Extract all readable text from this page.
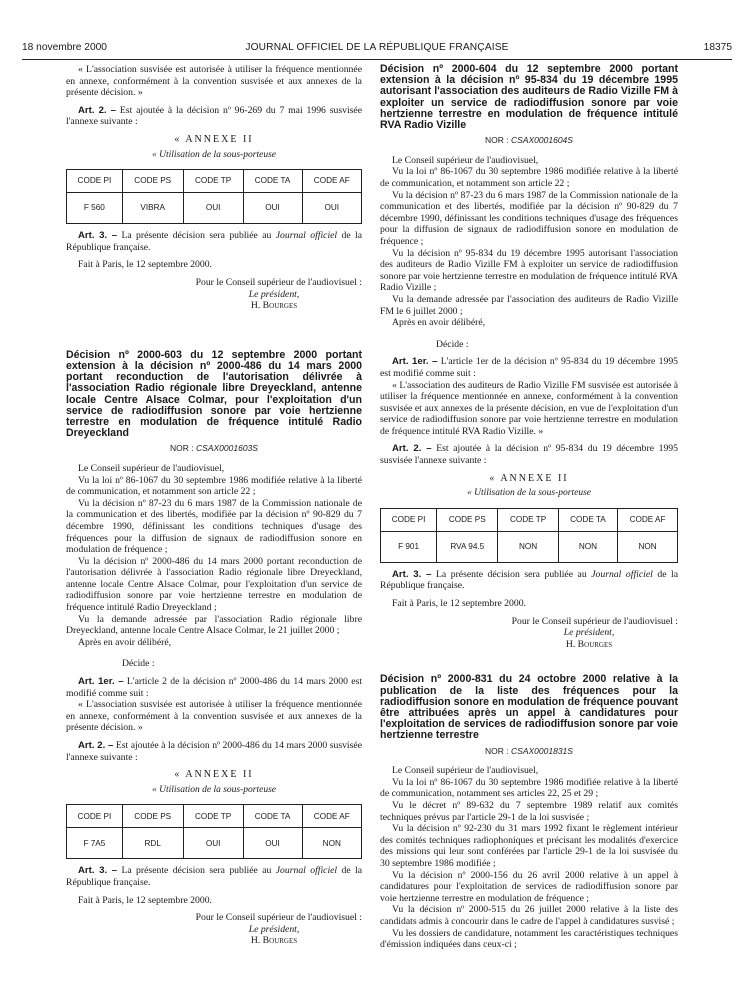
18 novembre 2000	JOURNAL OFFICIEL DE LA RÉPUBLIQUE FRANÇAISE	18375

« L'association susvisée est autorisée à utiliser la fréquence mentionnée en annexe, conformément à la convention susvisée et aux annexes de la présente décision. »

Art. 2. – Est ajoutée à la décision nº 96-269 du 7 mai 1996 susvisée l'annexe suivante :

« ANNEXE II
« Utilisation de la sous-porteuse
CODE PI	CODE PS	CODE TP	CODE TA	CODE AF
F 560	VIBRA	OUI	OUI	OUI

Art. 3. – La présente décision sera publiée au Journal officiel de la République française.

Fait à Paris, le 12 septembre 2000.

Pour le Conseil supérieur de l'audiovisuel :

Le président,

H. Bourges

Décision nº 2000-603 du 12 septembre 2000 portant extension à la décision nº 2000-486 du 14 mars 2000 portant reconduction de l'autorisation délivrée à l'association Radio régionale libre Dreyeckland, antenne locale Centre Alsace Colmar, pour l'exploitation d'un service de radiodiffusion sonore par voie hertzienne terrestre en modulation de fréquence intitulé Radio Dreyeckland
NOR : CSAX0001603S

Le Conseil supérieur de l'audiovisuel,

Vu la loi nº 86-1067 du 30 septembre 1986 modifiée relative à la liberté de communication, et notamment son article 22 ;

Vu la décision nº 87-23 du 6 mars 1987 de la Commission nationale de la communication et des libertés, modifiée par la décision nº 90-829 du 7 décembre 1990, définissant les conditions techniques d'usage des fréquences pour la diffusion de signaux de radiodiffusion sonore en modulation de fréquence ;

Vu la décision nº 2000-486 du 14 mars 2000 portant reconduction de l'autorisation délivrée à l'association Radio régionale libre Dreyeckland, antenne locale Centre Alsace Colmar, pour l'exploitation d'un service de radiodiffusion sonore par voie hertzienne terrestre en modulation de fréquence intitulé Radio Dreyeckland ;

Vu la demande adressée par l'association Radio régionale libre Dreyeckland, antenne locale Centre Alsace Colmar, le 21 juillet 2000 ;

Après en avoir délibéré,

Décide :

Art. 1er. – L'article 2 de la décision nº 2000-486 du 14 mars 2000 est modifié comme suit :

« L'association susvisée est autorisée à utiliser la fréquence mentionnée en annexe, conformément à la convention susvisée et aux annexes de la présente décision. »

Art. 2. – Est ajoutée à la décision nº 2000-486 du 14 mars 2000 susvisée l'annexe suivante :

« ANNEXE II
« Utilisation de la sous-porteuse
CODE PI	CODE PS	CODE TP	CODE TA	CODE AF
F 7A5	RDL	OUI	OUI	NON

Art. 3. – La présente décision sera publiée au Journal officiel de la République française.

Fait à Paris, le 12 septembre 2000.

Pour le Conseil supérieur de l'audiovisuel :

Le président,

H. Bourges

Décision nº 2000-604 du 12 septembre 2000 portant extension à la décision nº 95-834 du 19 décembre 1995 autorisant l'association des auditeurs de Radio Vizille FM à exploiter un service de radiodiffusion sonore par voie hertzienne terrestre en modulation de fréquence intitulé RVA Radio Vizille
NOR : CSAX0001604S

Le Conseil supérieur de l'audiovisuel,

Vu la loi nº 86-1067 du 30 septembre 1986 modifiée relative à la liberté de communication, et notamment son article 22 ;

Vu la décision nº 87-23 du 6 mars 1987 de la Commission nationale de la communication et des libertés, modifiée par la décision nº 90-829 du 7 décembre 1990, définissant les conditions techniques d'usage des fréquences pour la diffusion de signaux de radiodiffusion sonore en modulation de fréquence ;

Vu la décision nº 95-834 du 19 décembre 1995 autorisant l'association des auditeurs de Radio Vizille FM à exploiter un service de radiodiffusion sonore par voie hertzienne terrestre en modulation de fréquence intitulé RVA Radio Vizille ;

Vu la demande adressée par l'association des auditeurs de Radio Vizille FM le 6 juillet 2000 ;

Après en avoir délibéré,

Décide :

Art. 1er. – L'article 1er de la décision nº 95-834 du 19 décembre 1995 est modifié comme suit :

« L'association des auditeurs de Radio Vizille FM susvisée est autorisée à utiliser la fréquence mentionnée en annexe, conformément à la convention susvisée et aux annexes de la présente décision, en vue de l'exploitation d'un service de radiodiffusion sonore par voie hertzienne terrestre en modulation de fréquence intitulé RVA Radio Vizille. »

Art. 2. – Est ajoutée à la décision nº 95-834 du 19 décembre 1995 susvisée l'annexe suivante :

« ANNEXE II
« Utilisation de la sous-porteuse
CODE PI	CODE PS	CODE TP	CODE TA	CODE AF
F 901	RVA 94.5	NON	NON	NON

Art. 3. – La présente décision sera publiée au Journal officiel de la République française.

Fait à Paris, le 12 septembre 2000.

Pour le Conseil supérieur de l'audiovisuel :

Le président,

H. Bourges

Décision nº 2000-831 du 24 octobre 2000 relative à la publication de la liste des fréquences pour la radiodiffusion sonore en modulation de fréquence pouvant être attribuées après un appel à candidatures pour l'exploitation de services de radiodiffusion sonore par voie hertzienne terrestre
NOR : CSAX0001831S

Le Conseil supérieur de l'audiovisuel,

Vu la loi nº 86-1067 du 30 septembre 1986 modifiée relative à la liberté de communication, notamment ses articles 22, 25 et 29 ;

Vu le décret nº 89-632 du 7 septembre 1989 relatif aux comités techniques prévus par l'article 29-1 de la loi susvisée ;

Vu la décision nº 92-230 du 31 mars 1992 fixant le règlement intérieur des comités techniques radiophoniques et précisant les modalités d'exercice des missions qui leur sont conférées par l'article 29-1 de la loi susvisée du 30 septembre 1986 modifiée ;

Vu la décision nº 2000-156 du 26 avril 2000 relative à un appel à candidatures pour l'exploitation de services de radiodiffusion sonore par voie hertzienne terrestre en modulation de fréquence ;

Vu la décision nº 2000-515 du 26 juillet 2000 relative à la liste des candidats admis à concourir dans le cadre de l'appel à candidatures susvisé ;

Vu les dossiers de candidature, notamment les caractéristiques techniques d'émission indiquées dans ceux-ci ;
